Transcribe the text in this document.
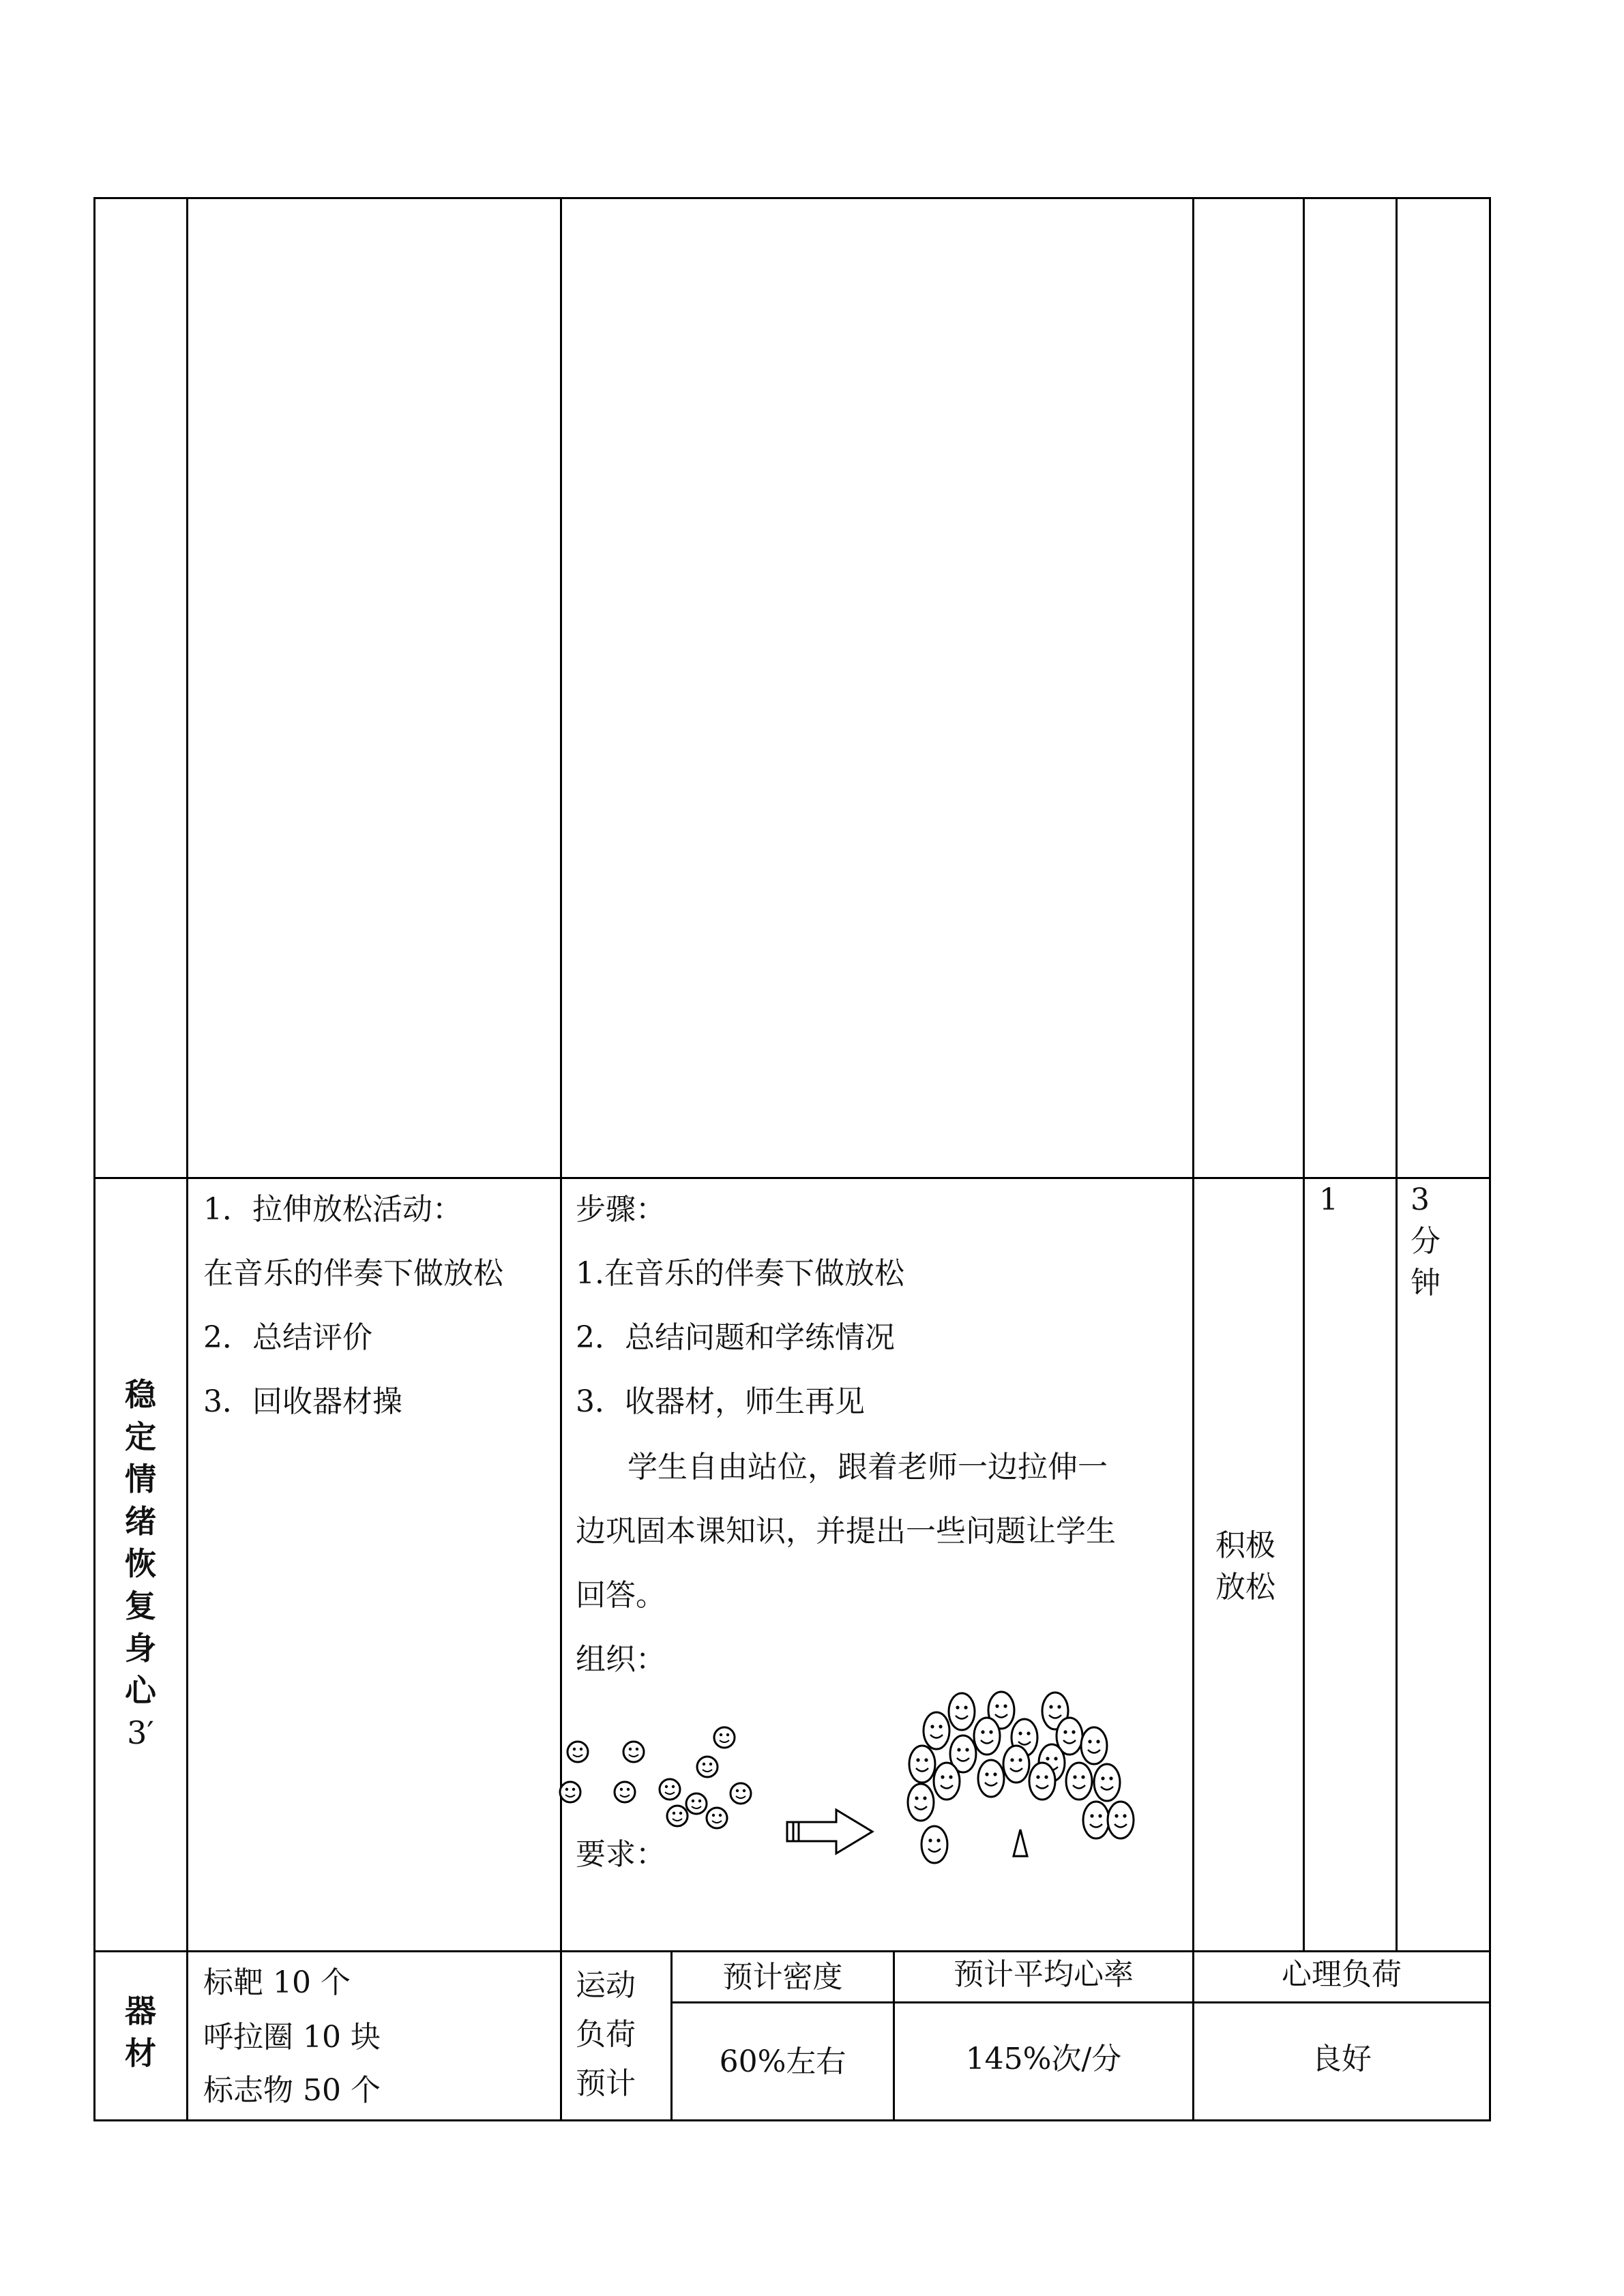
稳
定
情
绪
恢
复
身
心
3′
1．拉伸放松活动：
在音乐的伴奏下做放松
2．总结评价
3．回收器材操
步骤：
1.在音乐的伴奏下做放松
2．总结问题和学练情况
3．收器材，师生再见
学生自由站位，跟着老师一边拉伸一
边巩固本课知识，并提出一些问题让学生
回答。
组织：
要求：
积极
放松
1 3
分
钟
器
材
标靶 10 个
呼拉圈 10 块
标志物 50 个
运动
负荷
预计
预计密度
60%左右
预计平均心率
145%次/分
心理负荷
良好
